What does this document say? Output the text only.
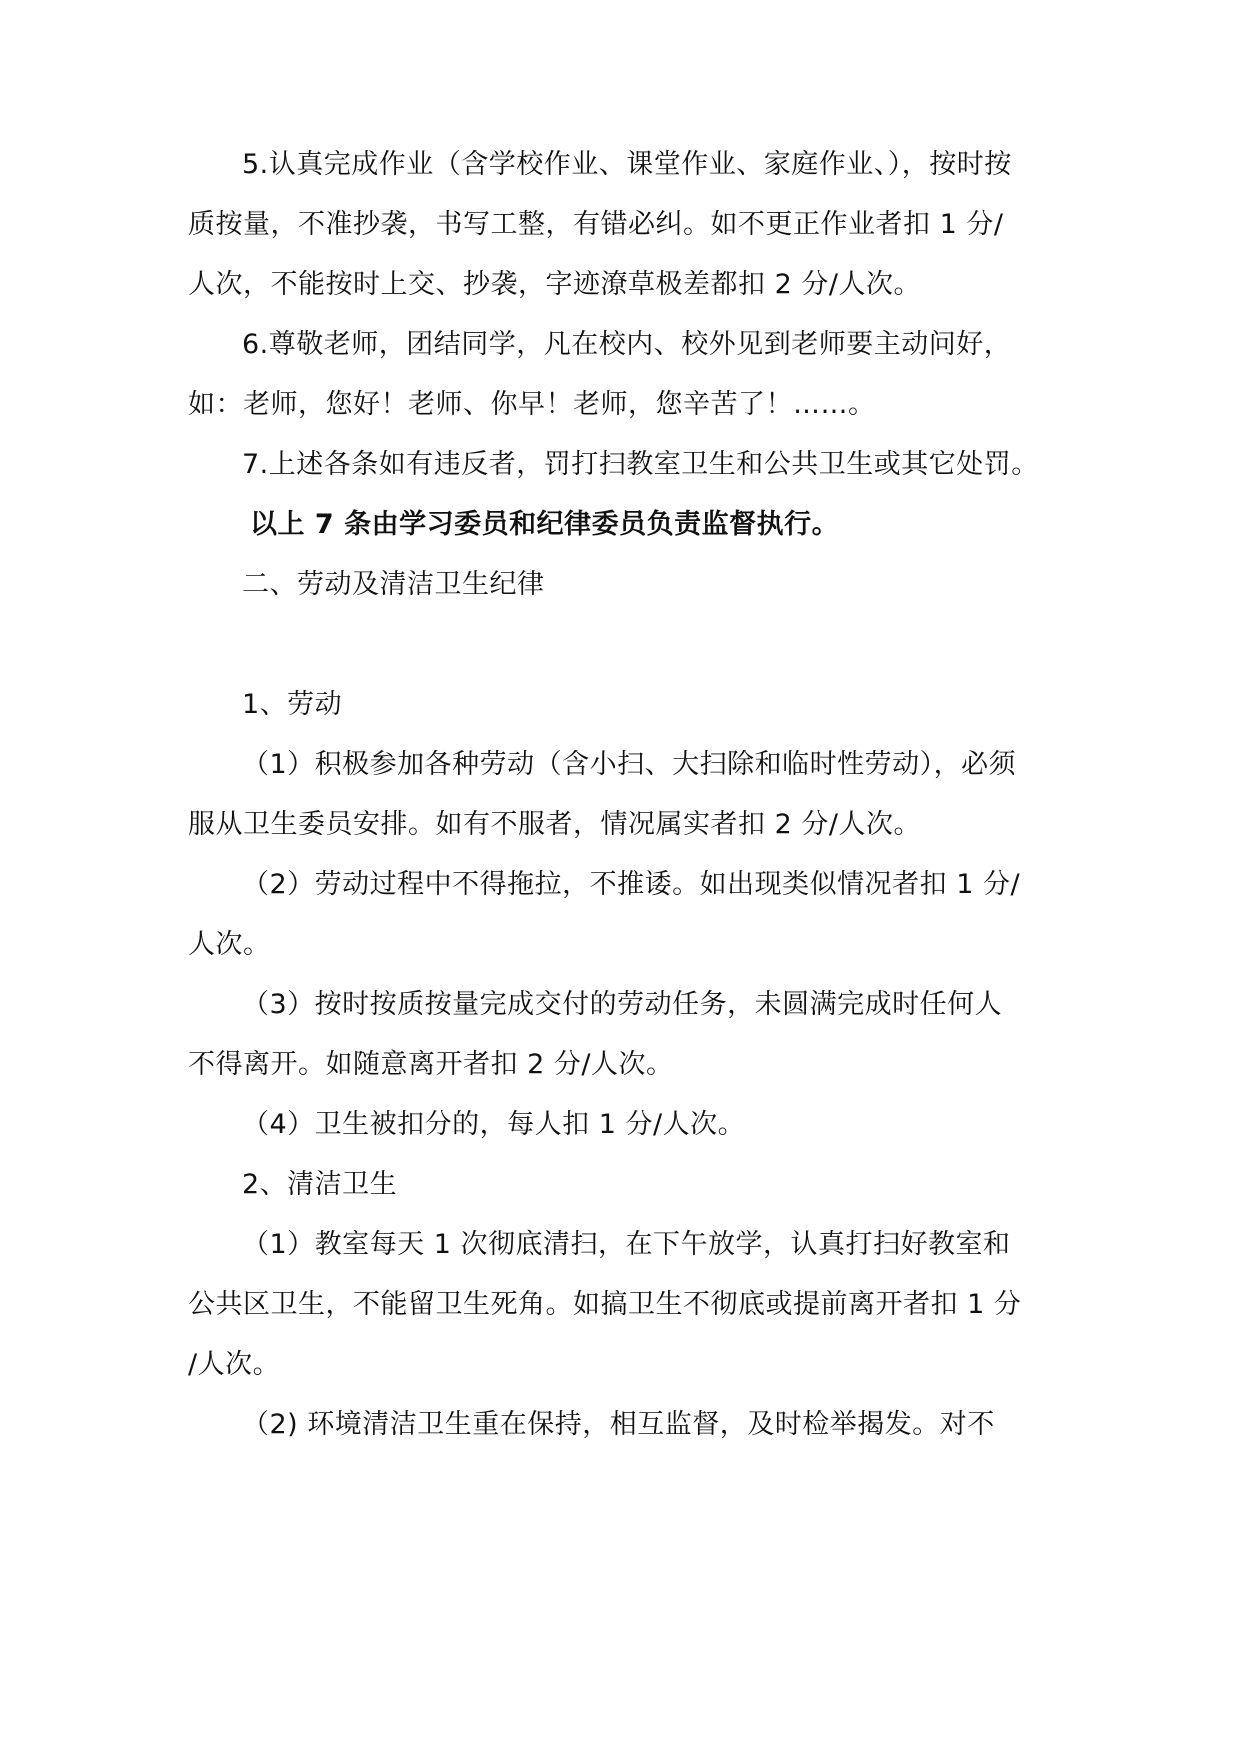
5.认真完成作业（含学校作业、课堂作业、家庭作业、），按时按
质按量，不准抄袭，书写工整，有错必纠。如不更正作业者扣 1 分/
人次，不能按时上交、抄袭，字迹潦草极差都扣 2 分/人次。
6.尊敬老师，团结同学，凡在校内、校外见到老师要主动问好，
如：老师，您好！老师、你早！老师，您辛苦了！……。
7.上述各条如有违反者，罚打扫教室卫生和公共卫生或其它处罚。
以上 7 条由学习委员和纪律委员负责监督执行。
二、劳动及清洁卫生纪律
1、劳动
（1）积极参加各种劳动（含小扫、大扫除和临时性劳动），必须
服从卫生委员安排。如有不服者，情况属实者扣 2 分/人次。
（2）劳动过程中不得拖拉，不推诿。如出现类似情况者扣 1 分/
人次。
（3）按时按质按量完成交付的劳动任务，未圆满完成时任何人
不得离开。如随意离开者扣 2 分/人次。
（4）卫生被扣分的，每人扣 1 分/人次。
2、清洁卫生
（1）教室每天 1 次彻底清扫，在下午放学，认真打扫好教室和
公共区卫生，不能留卫生死角。如搞卫生不彻底或提前离开者扣 1 分
/人次。
（2) 环境清洁卫生重在保持，相互监督，及时检举揭发。对不
